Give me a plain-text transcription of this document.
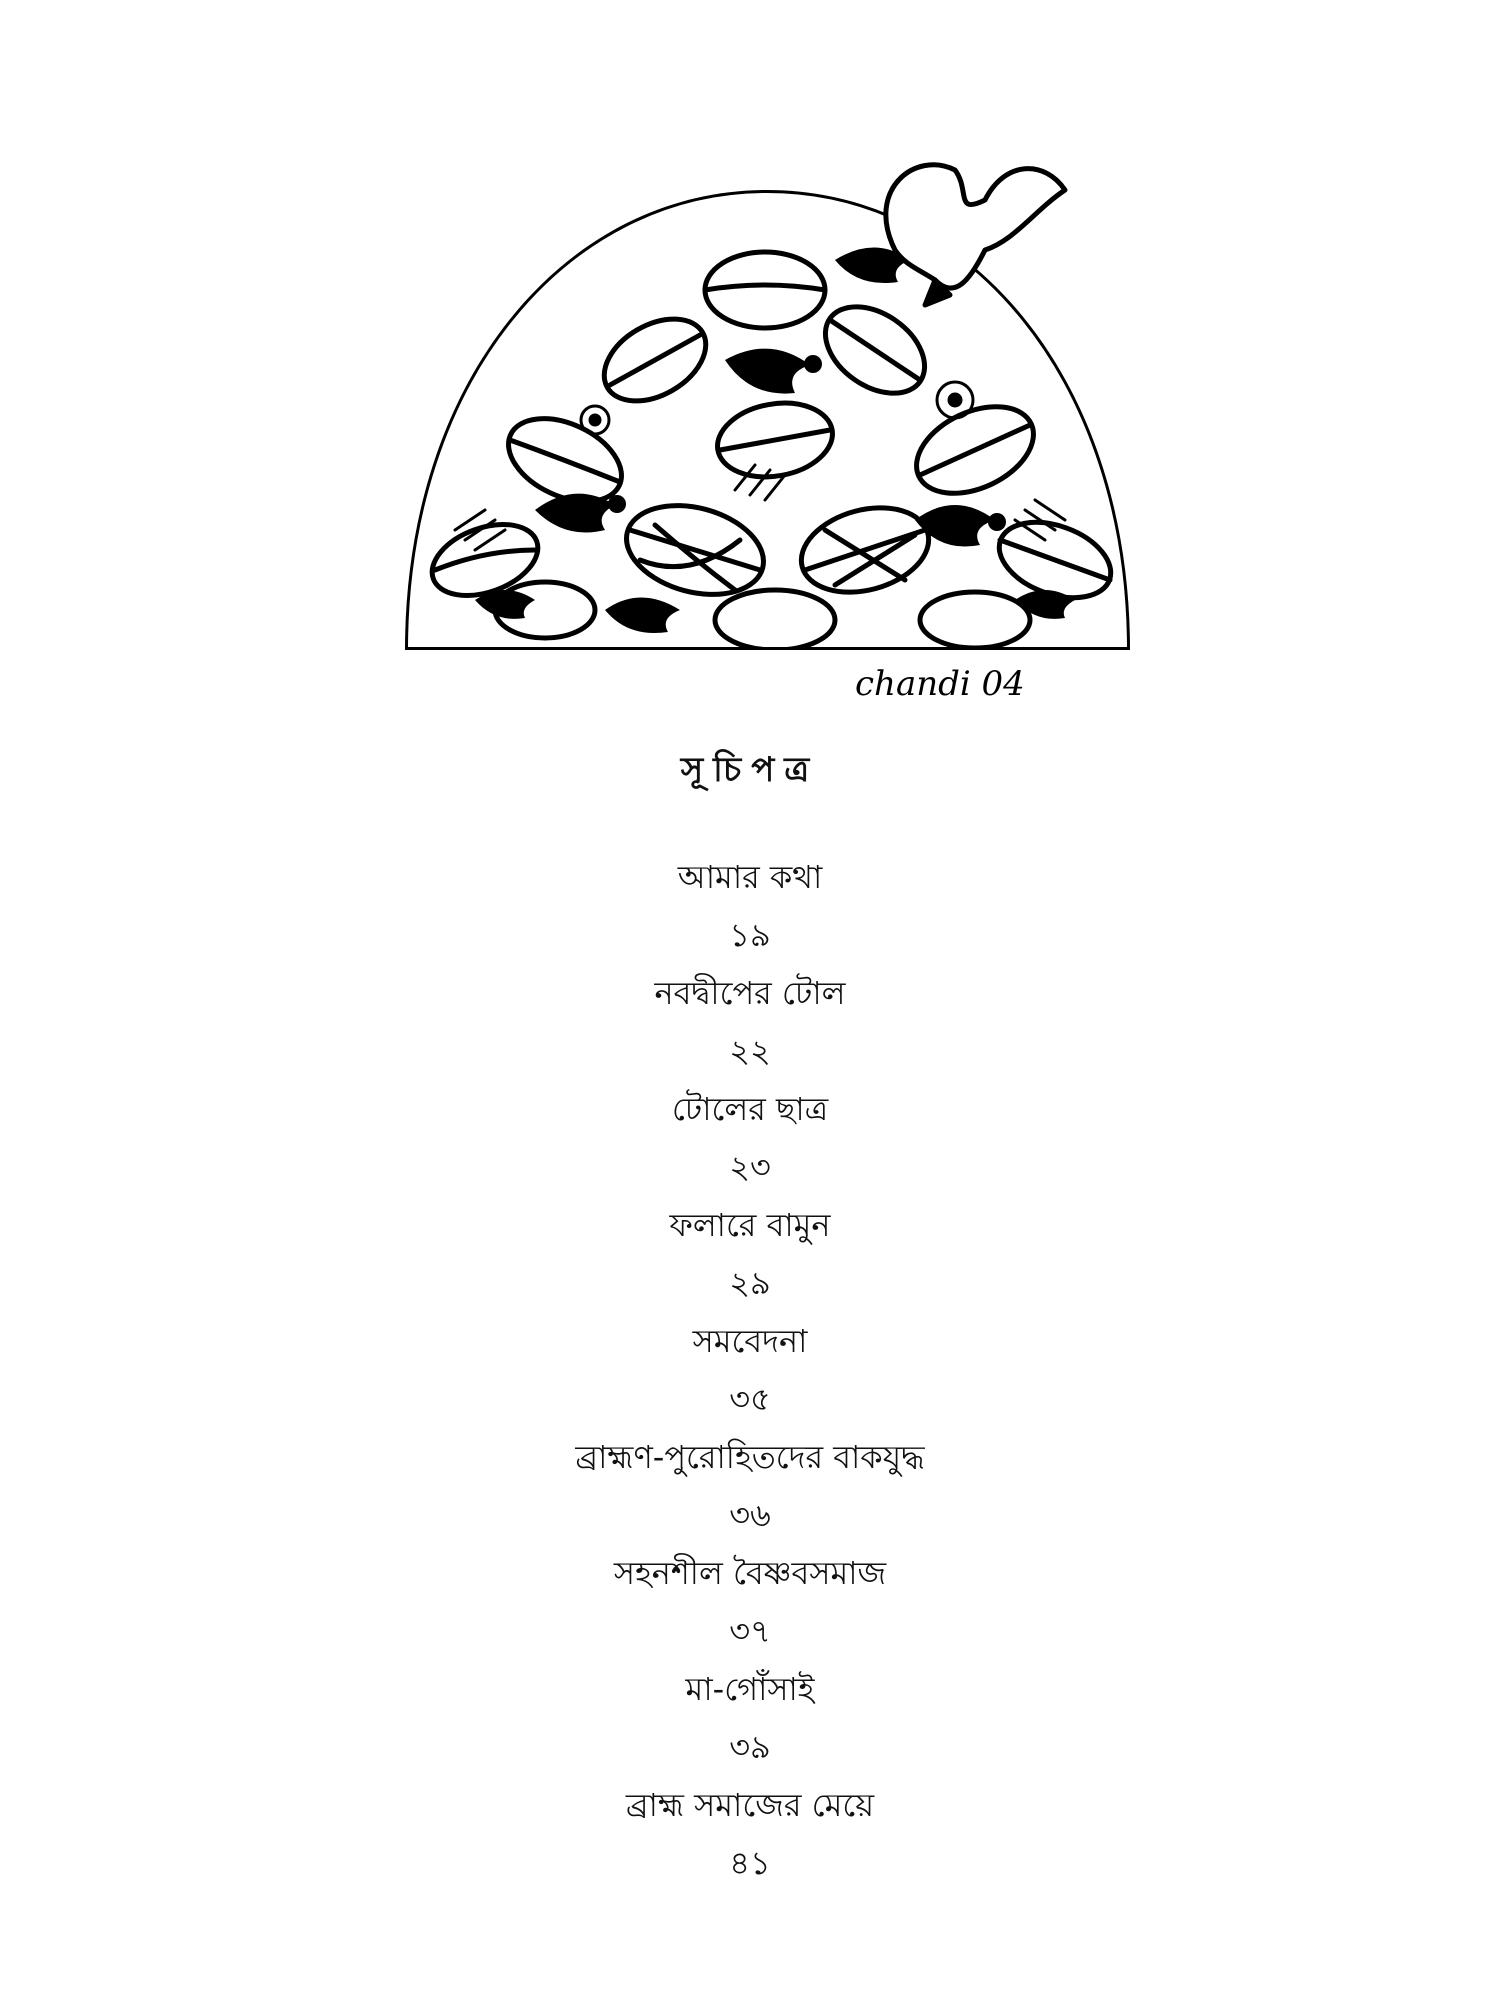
chandi 04
সূচিপত্র
আমার কথা
১৯
নবদ্বীপের টোল
২২
টোলের ছাত্র
২৩
ফলারে বামুন
২৯
সমবেদনা
৩৫
ব্রাহ্মণ-পুরোহিতদের বাকযুদ্ধ
৩৬
সহনশীল বৈষ্ণবসমাজ
৩৭
মা-গোঁসাই
৩৯
ব্রাহ্ম সমাজের মেয়ে
৪১
